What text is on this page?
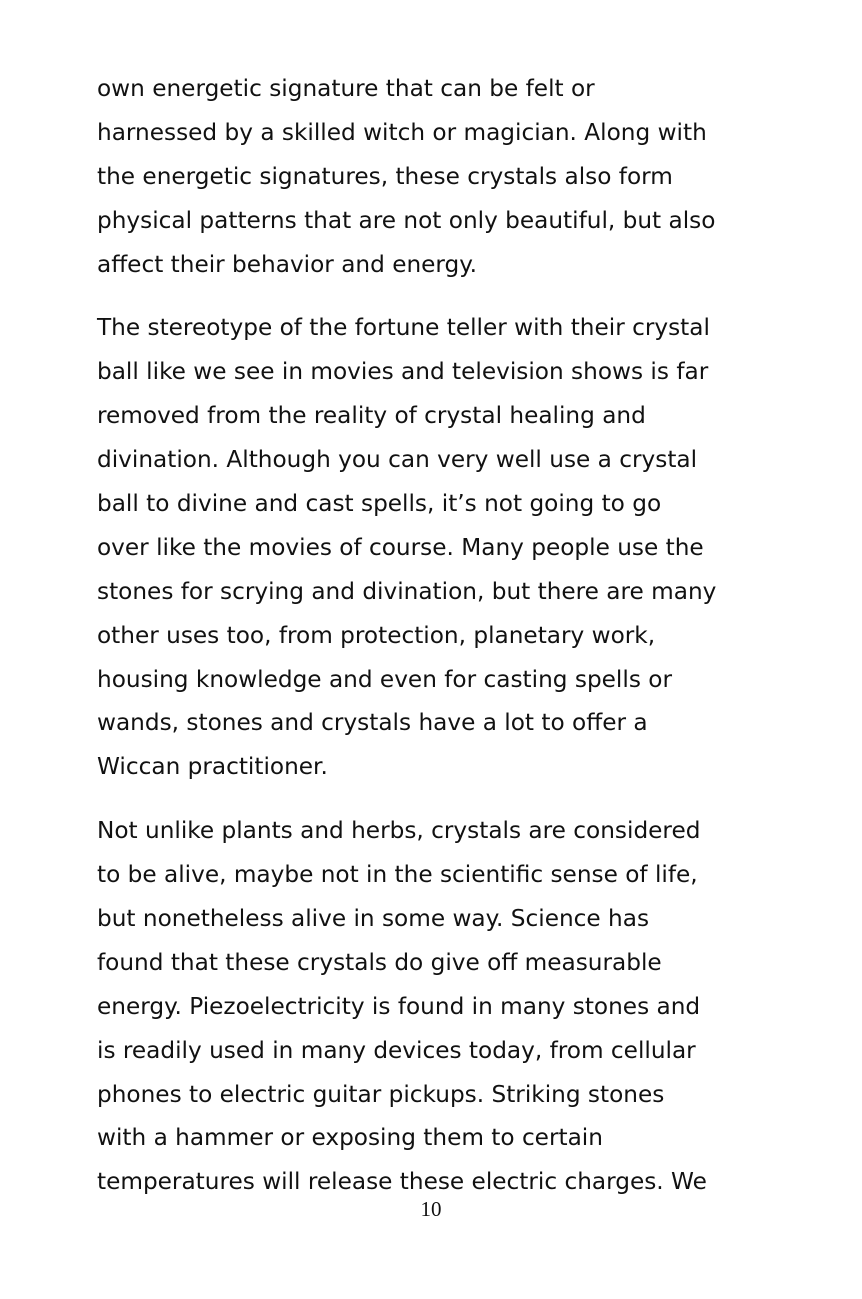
own energetic signature that can be felt or
harnessed by a skilled witch or magician. Along with
the energetic signatures, these crystals also form
physical patterns that are not only beautiful, but also
affect their behavior and energy.

The stereotype of the fortune teller with their crystal
ball like we see in movies and television shows is far
removed from the reality of crystal healing and
divination. Although you can very well use a crystal
ball to divine and cast spells, it’s not going to go
over like the movies of course. Many people use the
stones for scrying and divination, but there are many
other uses too, from protection, planetary work,
housing knowledge and even for casting spells or
wands, stones and crystals have a lot to offer a
Wiccan practitioner.

Not unlike plants and herbs, crystals are considered
to be alive, maybe not in the scientific sense of life,
but nonetheless alive in some way. Science has
found that these crystals do give off measurable
energy. Piezoelectricity is found in many stones and
is readily used in many devices today, from cellular
phones to electric guitar pickups. Striking stones
with a hammer or exposing them to certain
temperatures will release these electric charges. We

10
